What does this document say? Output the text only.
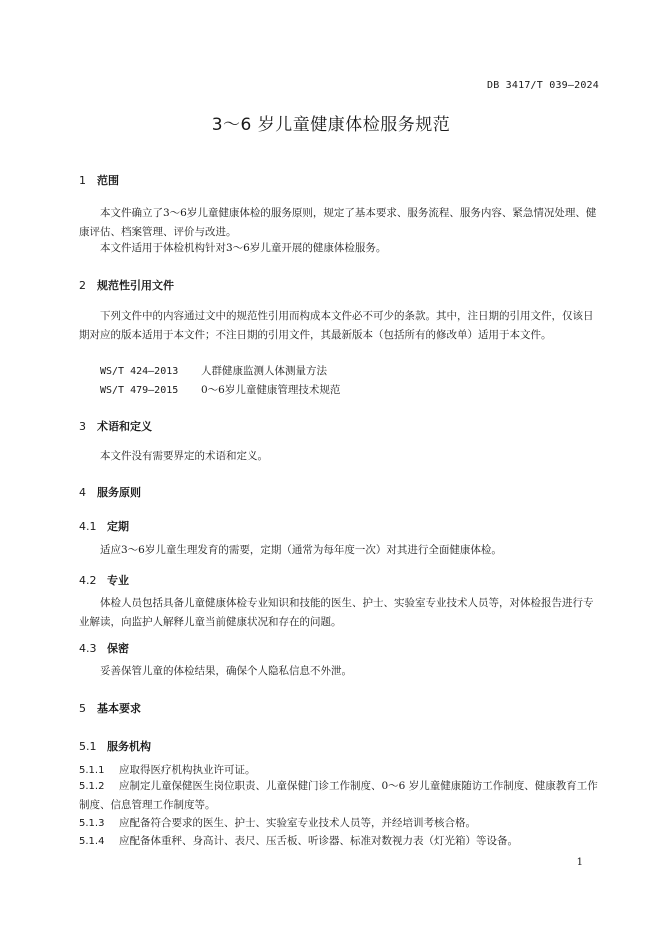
DB 3417/T 039—2024
3～6 岁儿童健康体检服务规范
1 范围
本文件确立了3～6岁儿童健康体检的服务原则，规定了基本要求、服务流程、服务内容、紧急情况处理、健康评估、档案管理、评价与改进。
本文件适用于体检机构针对3～6岁儿童开展的健康体检服务。
2 规范性引用文件
下列文件中的内容通过文中的规范性引用而构成本文件必不可少的条款。其中，注日期的引用文件，仅该日期对应的版本适用于本文件；不注日期的引用文件，其最新版本（包括所有的修改单）适用于本文件。
WS/T 424—2013 人群健康监测人体测量方法
WS/T 479—2015 0～6岁儿童健康管理技术规范
3 术语和定义
本文件没有需要界定的术语和定义。
4 服务原则
4.1 定期
适应3～6岁儿童生理发育的需要，定期（通常为每年度一次）对其进行全面健康体检。
4.2 专业
体检人员包括具备儿童健康体检专业知识和技能的医生、护士、实验室专业技术人员等，对体检报告进行专业解读，向监护人解释儿童当前健康状况和存在的问题。
4.3 保密
妥善保管儿童的体检结果，确保个人隐私信息不外泄。
5 基本要求
5.1 服务机构
5.1.1 应取得医疗机构执业许可证。
5.1.2 应制定儿童保健医生岗位职责、儿童保健门诊工作制度、0～6 岁儿童健康随访工作制度、健康教育工作制度、信息管理工作制度等。
5.1.3 应配备符合要求的医生、护士、实验室专业技术人员等，并经培训考核合格。
5.1.4 应配备体重秤、身高计、表尺、压舌板、听诊器、标准对数视力表（灯光箱）等设备。
1
